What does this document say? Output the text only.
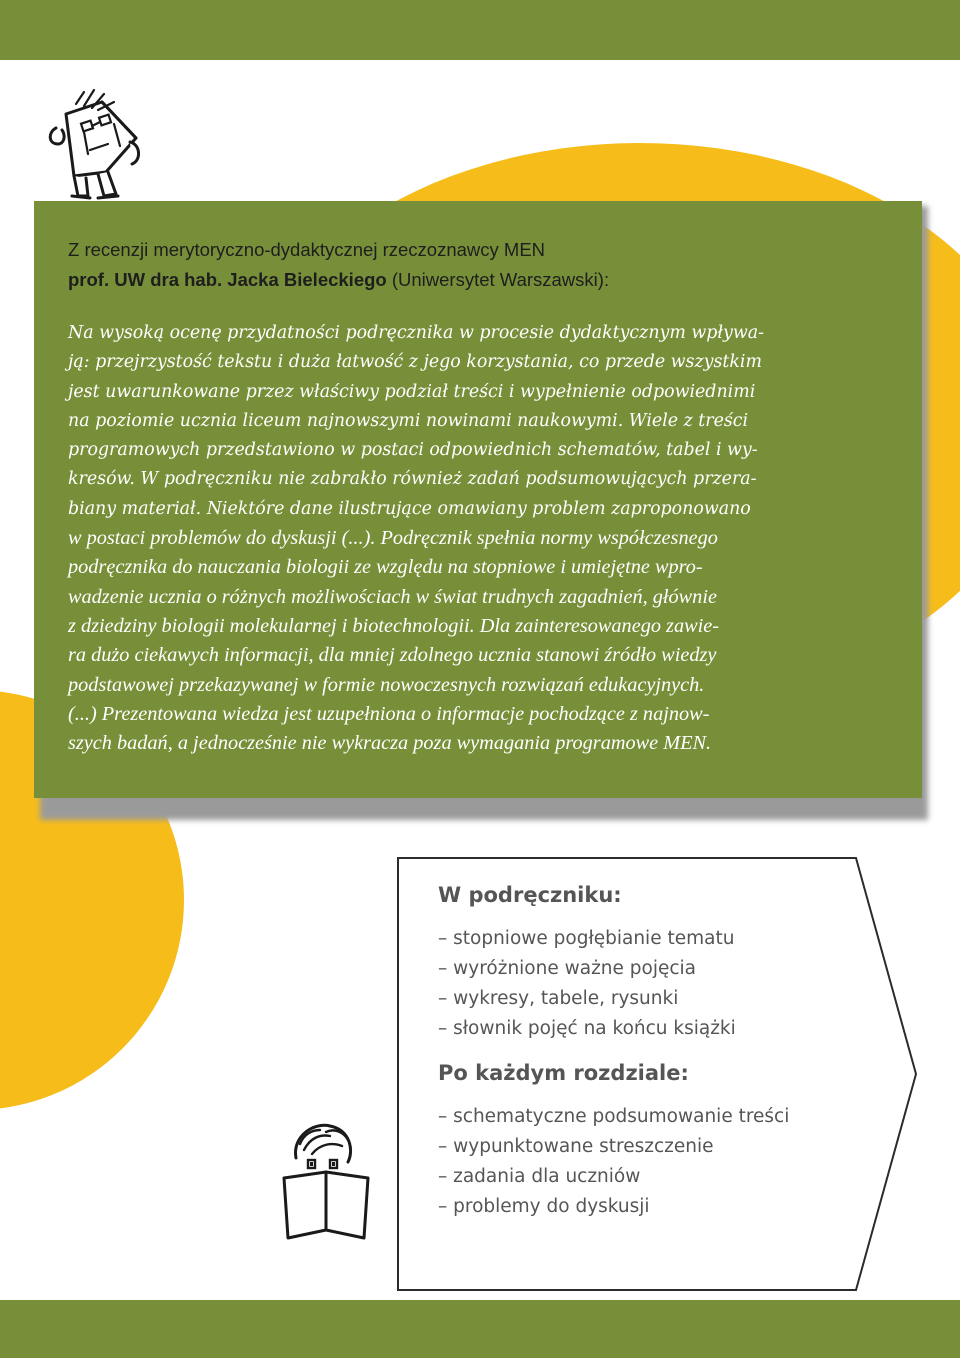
Z recenzji merytoryczno-dydaktycznej rzeczoznawcy MEN

prof. UW dra hab. Jacka Bieleckiego (Uniwersytet Warszawski):

Na wysoką ocenę przydatności podręcznika w procesie dydaktycznym wpływa-
ją: przejrzystość tekstu i duża łatwość z jego korzystania, co przede wszystkim
jest uwarunkowane przez właściwy podział treści i wypełnienie odpowiednimi
na poziomie ucznia liceum najnowszymi nowinami naukowymi. Wiele z treści
programowych przedstawiono w postaci odpowiednich schematów, tabel i wy-
kresów. W podręczniku nie zabrakło również zadań podsumowujących przera-
biany materiał. Niektóre dane ilustrujące omawiany problem zaproponowano
w postaci problemów do dyskusji (...). Podręcznik spełnia normy współczesnego
podręcznika do nauczania biologii ze względu na stopniowe i umiejętne wpro-
wadzenie ucznia o różnych możliwościach w świat trudnych zagadnień, głównie
z dziedziny biologii molekularnej i biotechnologii. Dla zainteresowanego zawie-
ra dużo ciekawych informacji, dla mniej zdolnego ucznia stanowi źródło wiedzy
podstawowej przekazywanej w formie nowoczesnych rozwiązań edukacyjnych.
(...) Prezentowana wiedza jest uzupełniona o informacje pochodzące z najnow-
szych badań, a jednocześnie nie wykracza poza wymagania programowe MEN.
W podręczniku:
– stopniowe pogłębianie tematu
– wyróżnione ważne pojęcia
– wykresy, tabele, rysunki
– słownik pojęć na końcu książki
Po każdym rozdziale:
– schematyczne podsumowanie treści
– wypunktowane streszczenie
– zadania dla uczniów
– problemy do dyskusji
